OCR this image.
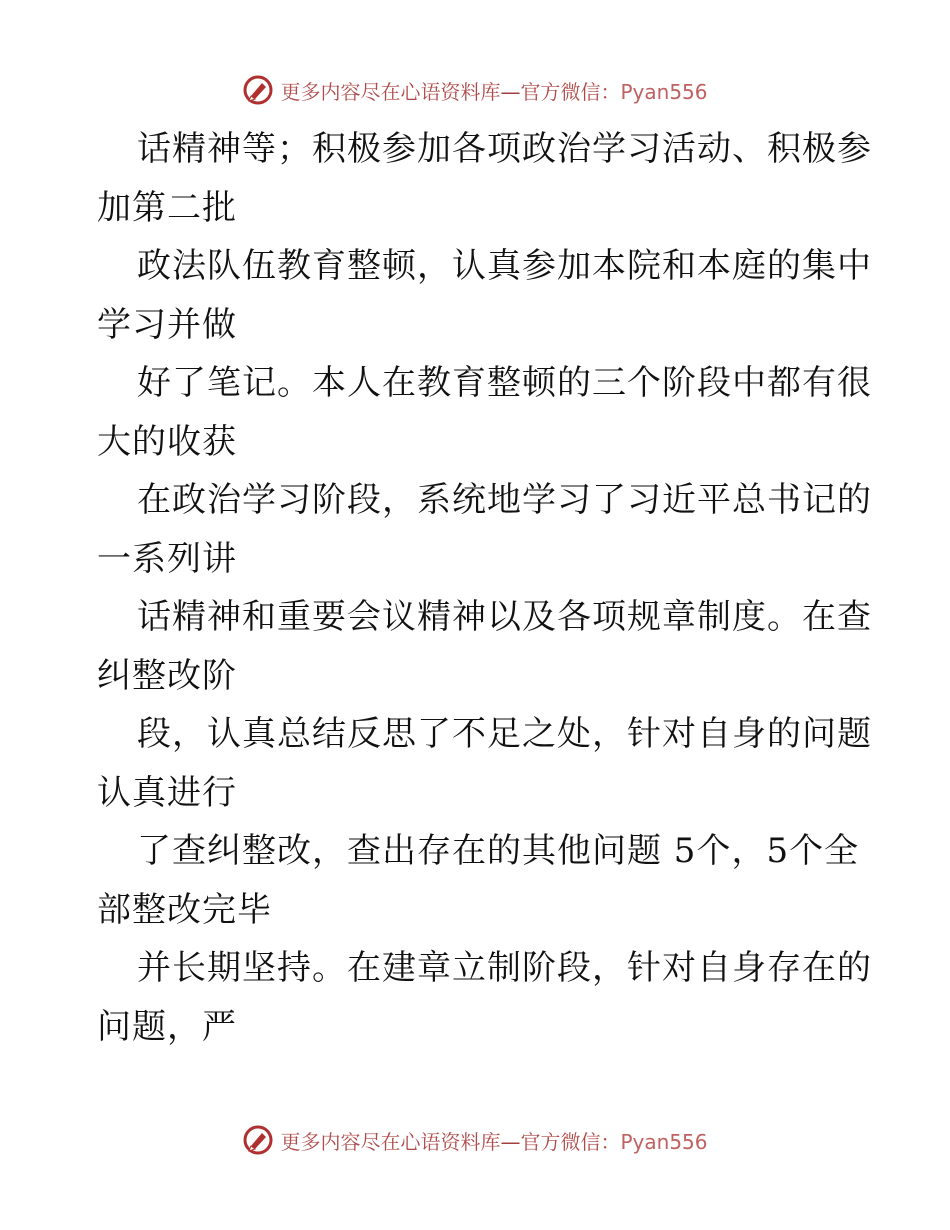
更多内容尽在心语资料库—官方微信：Pyan556
话精神等；积极参加各项政治学习活动、积极参
加第二批
政法队伍教育整顿，认真参加本院和本庭的集中
学习并做
好了笔记。本人在教育整顿的三个阶段中都有很
大的收获
在政治学习阶段，系统地学习了习近平总书记的
一系列讲
话精神和重要会议精神以及各项规章制度。在查
纠整改阶
段，认真总结反思了不足之处，针对自身的问题
认真进行
了查纠整改，查出存在的其他问题 5个，5个全
部整改完毕
并长期坚持。在建章立制阶段，针对自身存在的
问题，严
更多内容尽在心语资料库—官方微信：Pyan556
